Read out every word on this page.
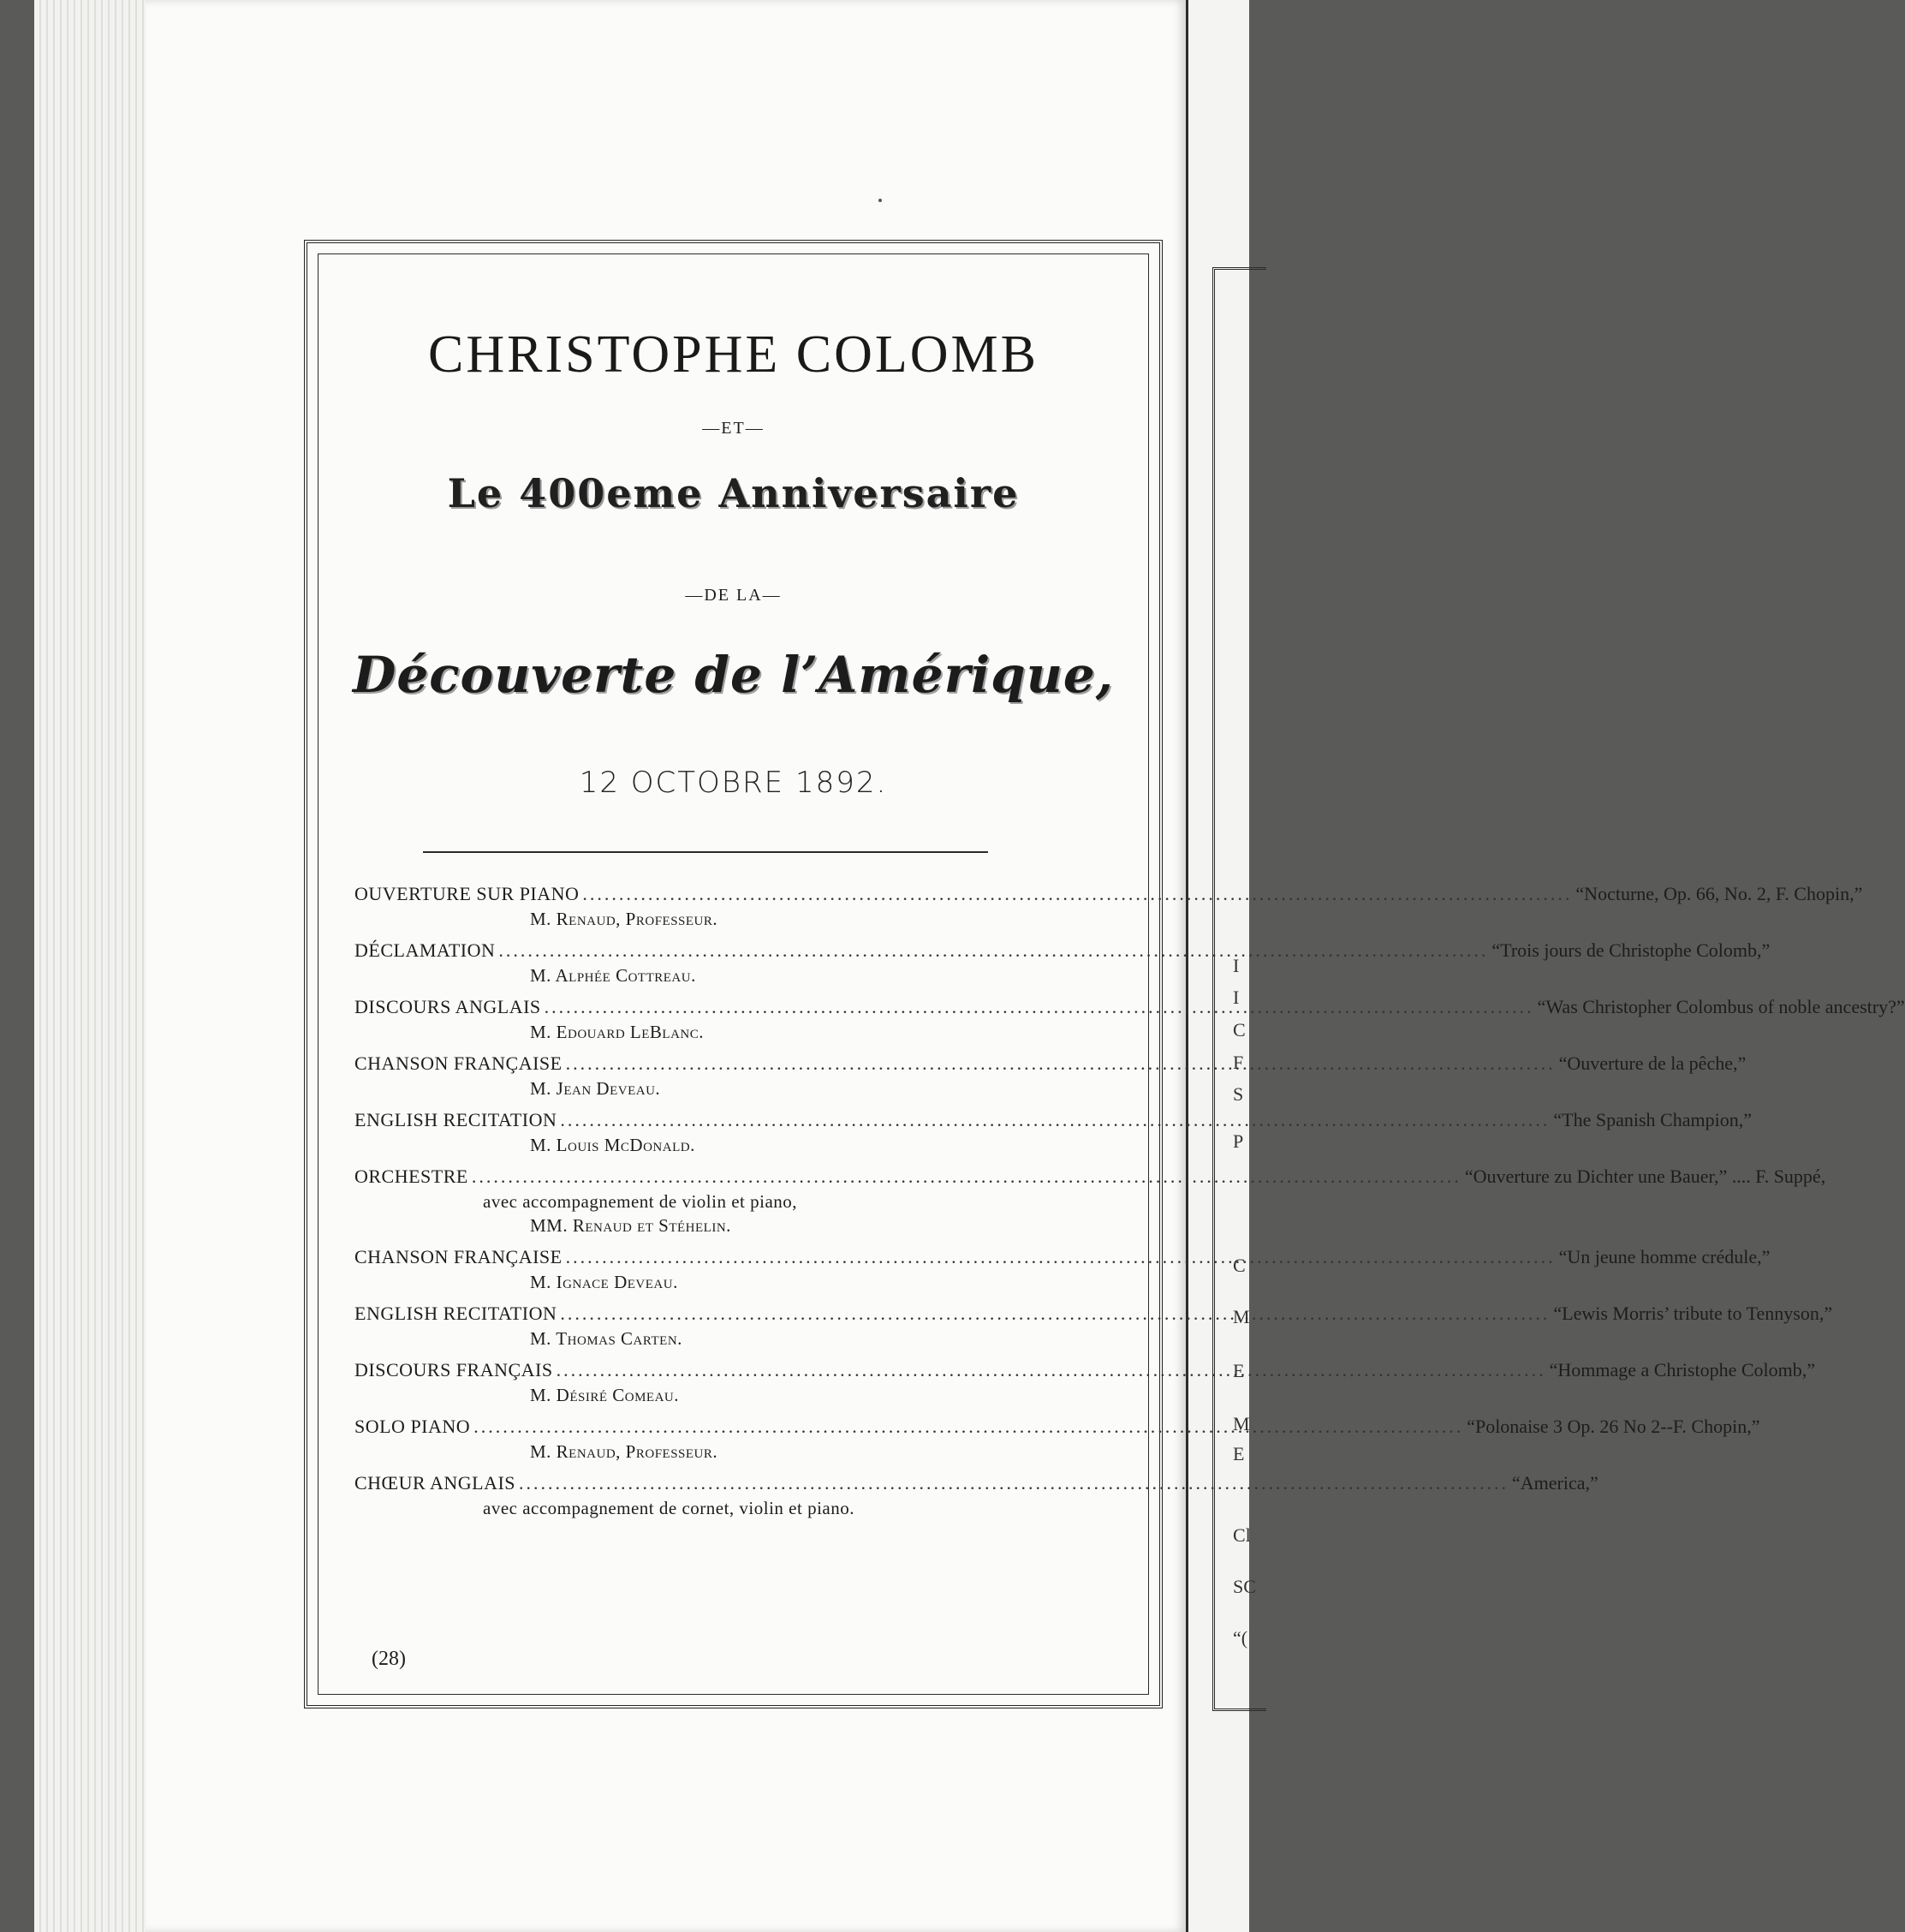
I
I
C
F
S
P
C
M
E
M
E
Cl
SC
“(
CHRISTOPHE COLOMB
—ET—
Le 400eme Anniversaire
—DE LA—
Découverte de l’Amérique,
12 OCTOBRE 1892.
OUVERTURE SUR PIANO .....	“Nocturne, Op. 66, No. 2, F. Chopin,”
M. Renaud, Professeur.
DÉCLAMATION .....	“Trois jours de Christophe Colomb,”
M. Alphée Cottreau.
DISCOURS ANGLAIS .....	“Was Christopher Colombus of noble ancestry?”
M. Edouard LeBlanc.
CHANSON FRANÇAISE .....	“Ouverture de la pêche,”
M. Jean Deveau.
ENGLISH RECITATION .....	“The Spanish Champion,”
M. Louis McDonald.
ORCHESTRE .....	“Ouverture zu Dichter une Bauer,” .... F. Suppé,
avec accompagnement de violin et piano,
MM. Renaud et Stéhelin.
CHANSON FRANÇAISE .....	“Un jeune homme crédule,”
M. Ignace Deveau.
ENGLISH RECITATION .....	“Lewis Morris’ tribute to Tennyson,”
M. Thomas Carten.
DISCOURS FRANÇAIS .....	“Hommage a Christophe Colomb,”
M. Désiré Comeau.
SOLO PIANO .....	“Polonaise 3 Op. 26 No 2--F. Chopin,”
M. Renaud, Professeur.
CHŒUR ANGLAIS .....	“America,”
avec accompagnement de cornet, violin et piano.
(28)
